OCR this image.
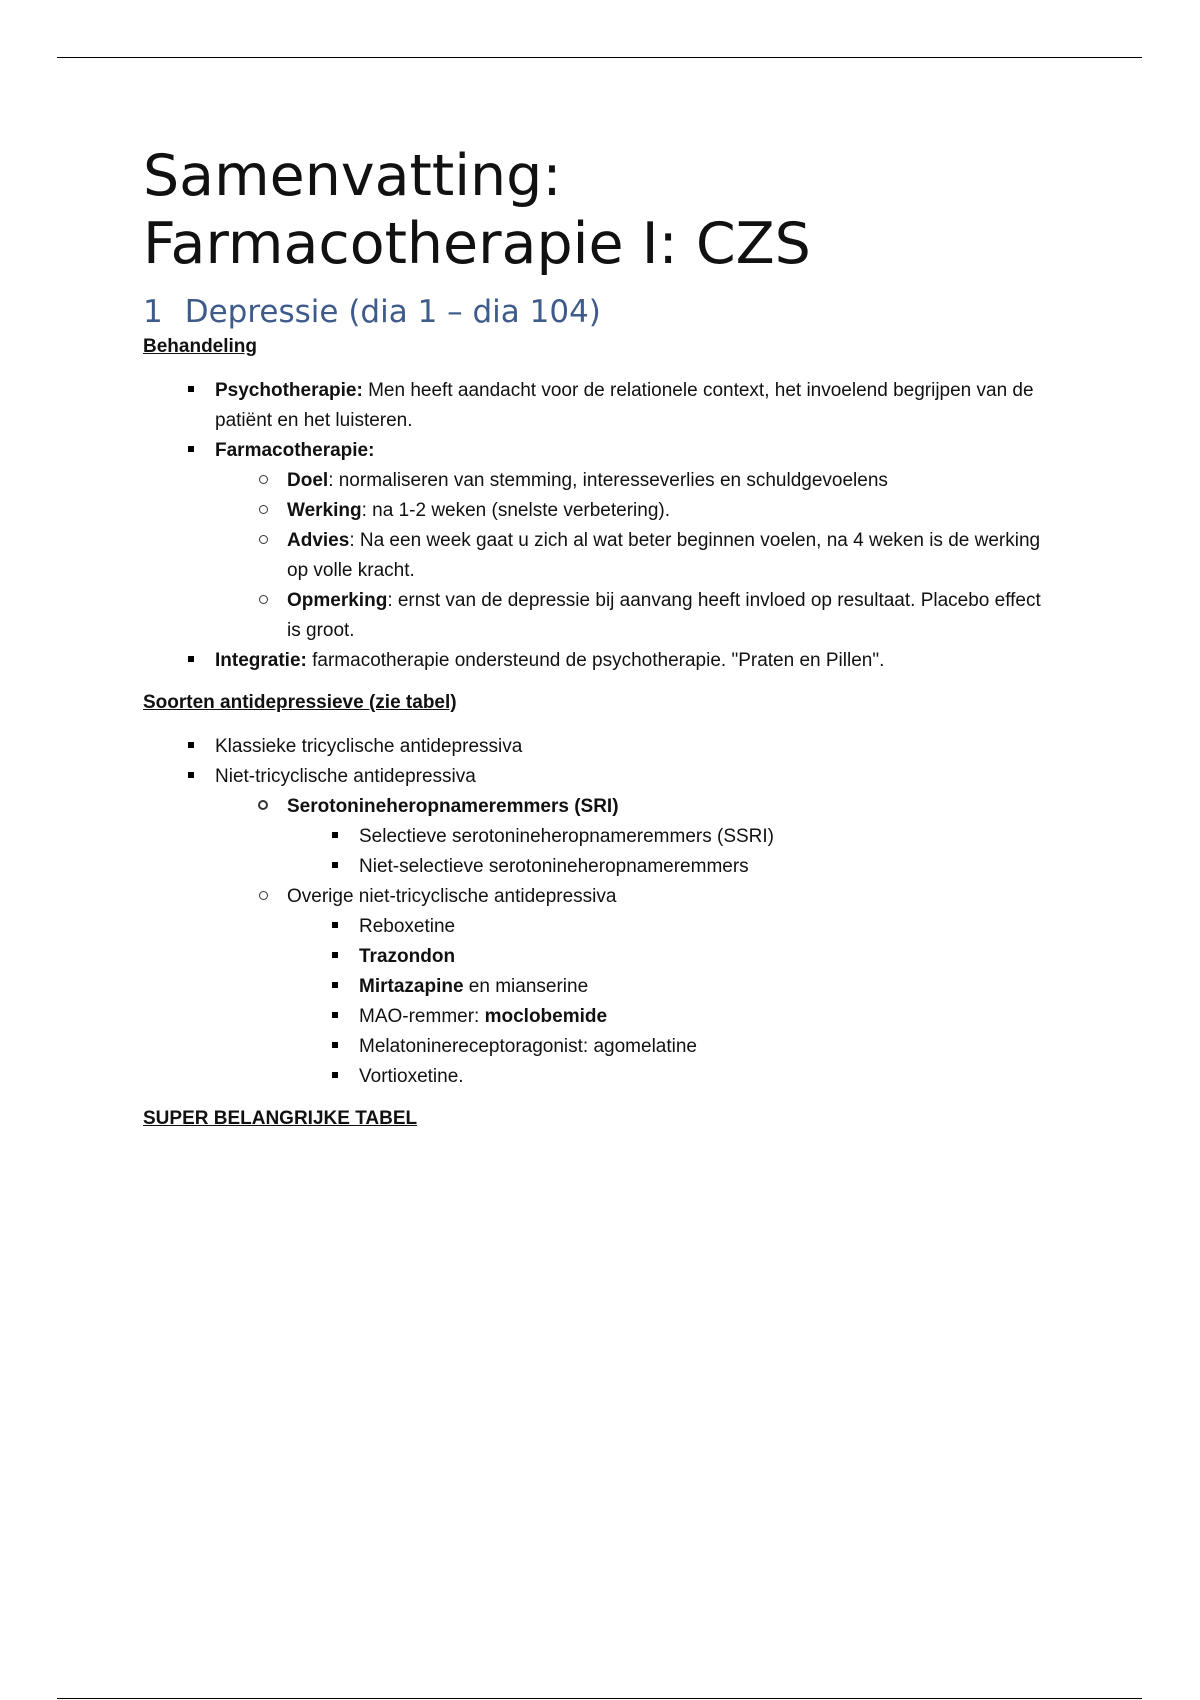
Samenvatting: Farmacotherapie I: CZS
1 Depressie (dia 1 – dia 104)
Behandeling
Psychotherapie: Men heeft aandacht voor de relationele context, het invoelend begrijpen van de patiënt en het luisteren.
Farmacotherapie:
Doel: normaliseren van stemming, interesseverlies en schuldgevoelens
Werking: na 1-2 weken (snelste verbetering).
Advies: Na een week gaat u zich al wat beter beginnen voelen, na 4 weken is de werking op volle kracht.
Opmerking: ernst van de depressie bij aanvang heeft invloed op resultaat. Placebo effect is groot.
Integratie: farmacotherapie ondersteund de psychotherapie. "Praten en Pillen".
Soorten antidepressieve (zie tabel)
Klassieke tricyclische antidepressiva
Niet-tricyclische antidepressiva
Serotonineheropnameremmers (SRI)
Selectieve serotonineheropnameremmers (SSRI)
Niet-selectieve serotonineheropnameremmers
Overige niet-tricyclische antidepressiva
Reboxetine
Trazondon
Mirtazapine en mianserine
MAO-remmer: moclobemide
Melatoninereceptoragonist: agomelatine
Vortioxetine.
SUPER BELANGRIJKE TABEL
